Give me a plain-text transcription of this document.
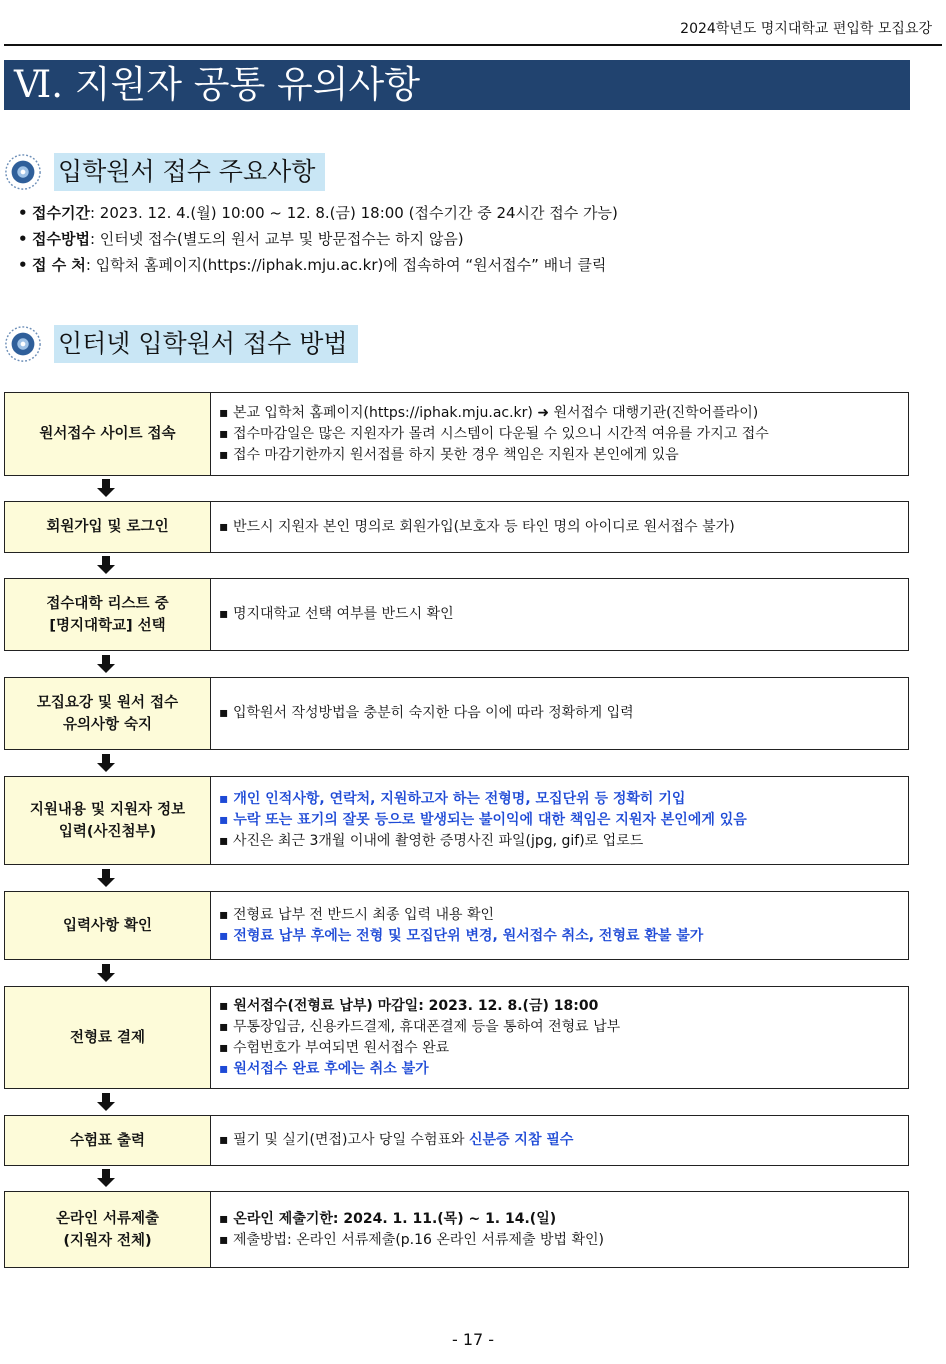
2024학년도 명지대학교 편입학 모집요강
Ⅵ. 지원자 공통 유의사항
입학원서 접수 주요사항
• 접수기간: 2023. 12. 4.(월) 10:00 ~ 12. 8.(금) 18:00 (접수기간 중 24시간 접수 가능)
• 접수방법: 인터넷 접수(별도의 원서 교부 및 방문접수는 하지 않음)
• 접 수 처: 입학처 홈페이지(https://iphak.mju.ac.kr)에 접속하여 “원서접수” 배너 클릭
인터넷 입학원서 접수 방법
원서접수 사이트 접속
▪ 본교 입학처 홈페이지(https://iphak.mju.ac.kr) ➜ 원서접수 대행기관(진학어플라이)
▪ 접수마감일은 많은 지원자가 몰려 시스템이 다운될 수 있으니 시간적 여유를 가지고 접수
▪ 접수 마감기한까지 원서접를 하지 못한 경우 책임은 지원자 본인에게 있음
회원가입 및 로그인	▪ 반드시 지원자 본인 명의로 회원가입(보호자 등 타인 명의 아이디로 원서접수 불가)
접수대학 리스트 중
[명지대학교] 선택
▪ 명지대학교 선택 여부를 반드시 확인
모집요강 및 원서 접수
유의사항 숙지
▪ 입학원서 작성방법을 충분히 숙지한 다음 이에 따라 정확하게 입력
지원내용 및 지원자 정보
입력(사진첨부)
▪ 개인 인적사항, 연락처, 지원하고자 하는 전형명, 모집단위 등 정확히 기입
▪ 누락 또는 표기의 잘못 등으로 발생되는 불이익에 대한 책임은 지원자 본인에게 있음
▪ 사진은 최근 3개월 이내에 촬영한 증명사진 파일(jpg, gif)로 업로드
입력사항 확인
▪ 전형료 납부 전 반드시 최종 입력 내용 확인
▪ 전형료 납부 후에는 전형 및 모집단위 변경, 원서접수 취소, 전형료 환불 불가
전형료 결제
▪ 원서접수(전형료 납부) 마감일: 2023. 12. 8.(금) 18:00
▪ 무통장입금, 신용카드결제, 휴대폰결제 등을 통하여 전형료 납부
▪ 수험번호가 부여되면 원서접수 완료
▪ 원서접수 완료 후에는 취소 불가
수험표 출력	▪ 필기 및 실기(면접)고사 당일 수험표와 신분증 지참 필수
온라인 서류제출
(지원자 전체)
▪ 온라인 제출기한: 2024. 1. 11.(목) ~ 1. 14.(일)
▪ 제출방법: 온라인 서류제출(p.16 온라인 서류제출 방법 확인)
- 17 -
